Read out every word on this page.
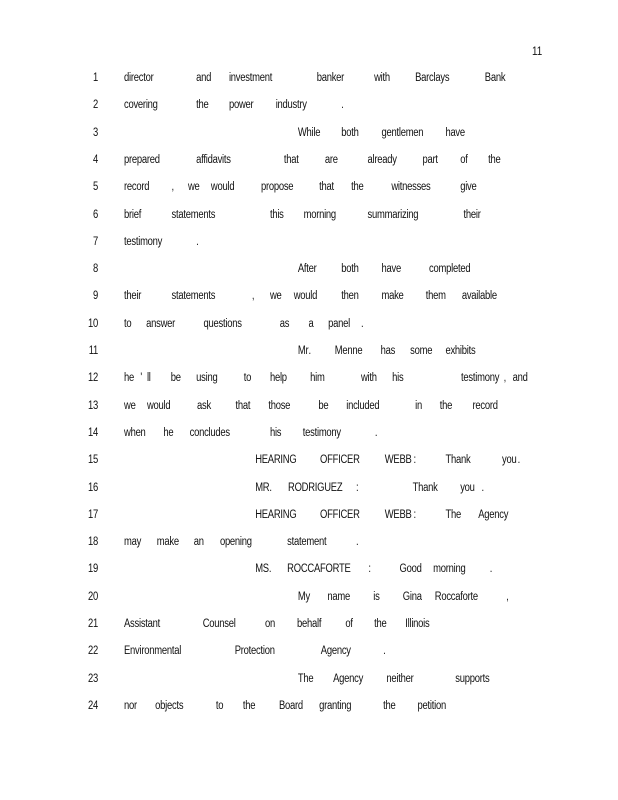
11
1 director	and investment	banker	with Barclays	Bank
2 covering	the power industry	.
3	While both gentlemen have
4 prepared	affidavits	that are	already part of the
5 record , we would propose that the witnesses	give
6 brief	statements	this morning	summarizing	their
7 testimony	.
8	After both have completed
9 their	statements	, we would then make them available
10 to answer questions	as a panel .
11	Mr . Menne has some exhibits
12 he ' ll be using to help him	with his	testimony , and
13 we would ask that those be included	in the record
14 when he concludes	his testimony	.
15	HEARING OFFICER WEBB :	Thank	you .
16	MR. RODRIGUEZ :	Thank you .
17	HEARING OFFICER WEBB :	The Agency
18 may make an opening	statement	.
19	MS. ROCCAFORTE :	Good morning .
20	My name is Gina Roccaforte ,
21 Assistant	Counsel	on behalf of the Illinois
22 Environmental	Protection	Agency	.
23	The Agency neither	supports
24 nor objects	to the Board granting	the petition
